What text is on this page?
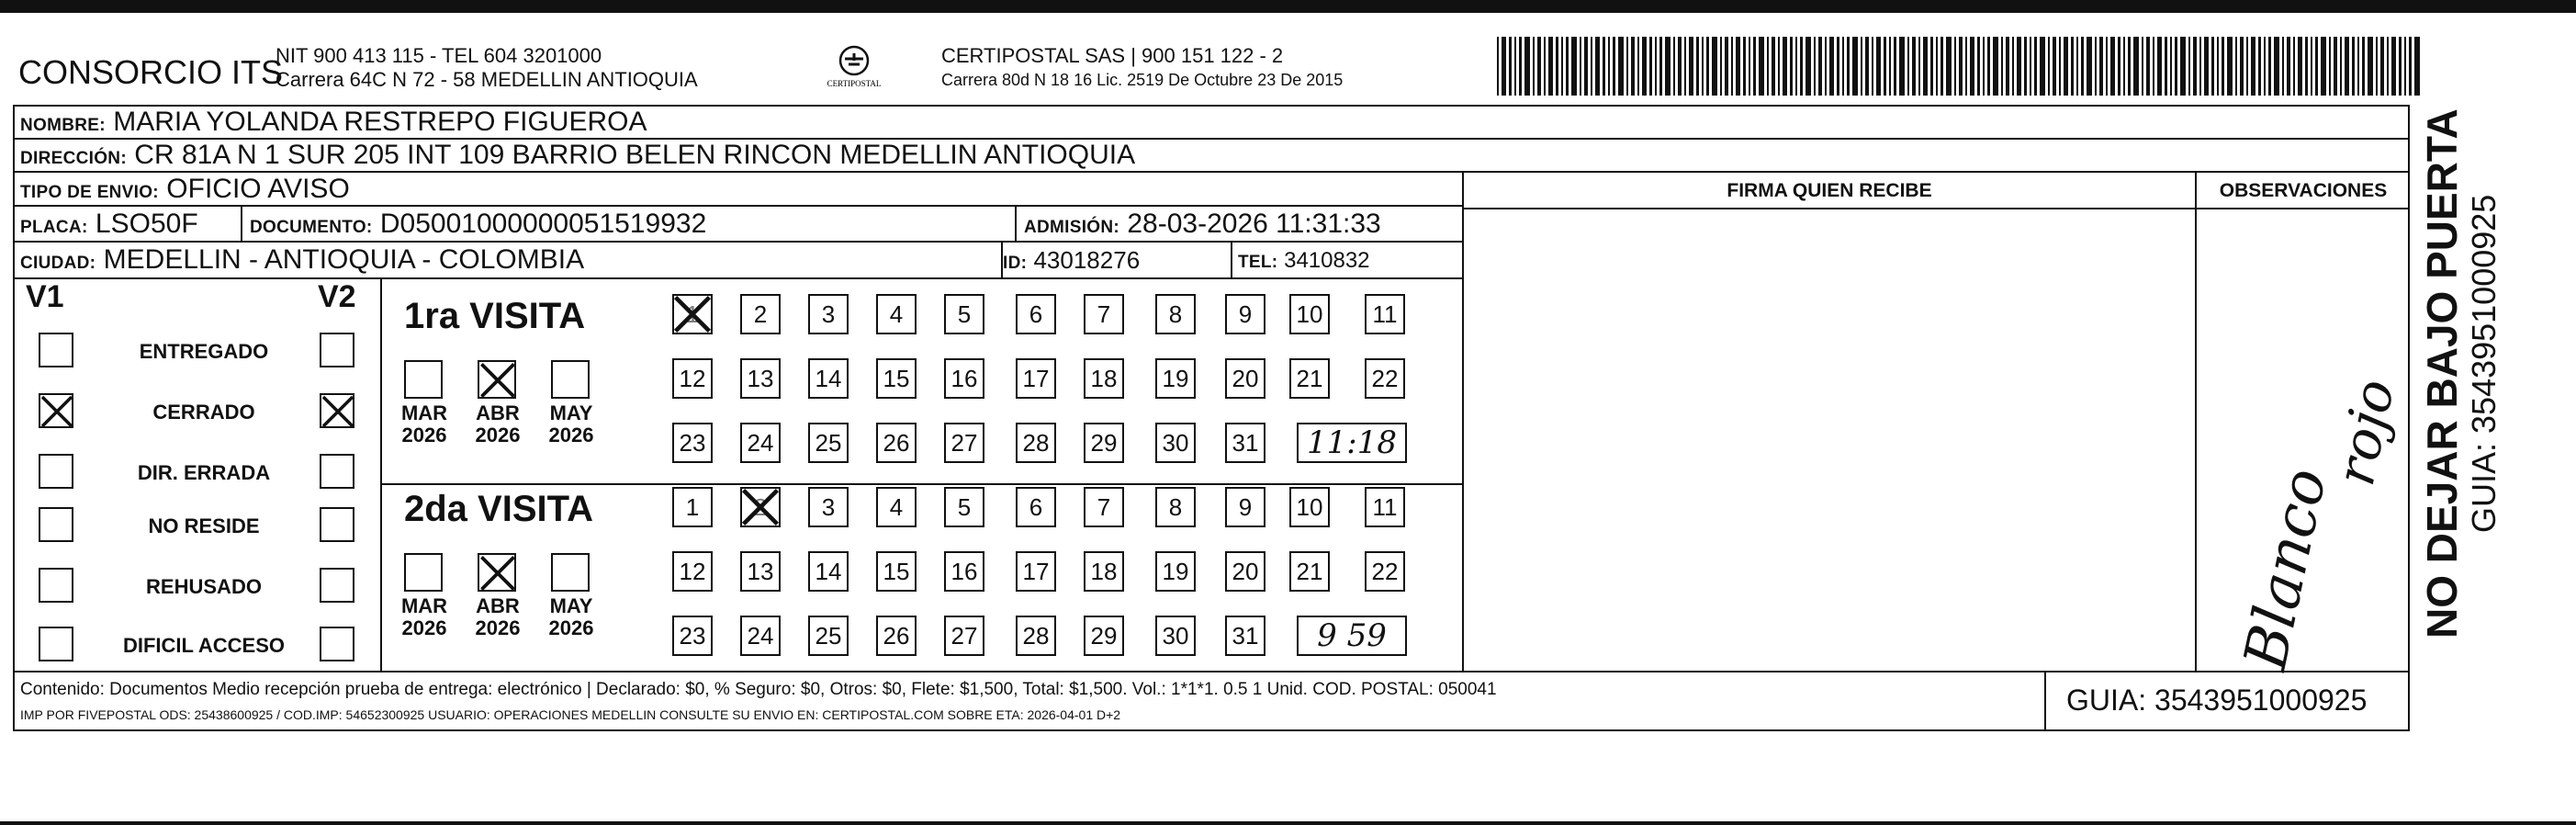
CONSORCIO ITS
NIT 900 413 115 - TEL 604 3201000
Carrera 64C N 72 - 58 MEDELLIN ANTIOQUIA	CERTIPOSTAL
CERTIPOSTAL SAS | 900 151 122 - 2
Carrera 80d N 18 16 Lic. 2519 De Octubre 23 De 2015
NOMBRE: MARIA YOLANDA RESTREPO FIGUEROA
DIRECCIÓN: CR 81A N 1 SUR 205 INT 109 BARRIO BELEN RINCON MEDELLIN ANTIOQUIA
TIPO DE ENVIO: OFICIO AVISO	FIRMA QUIEN RECIBE	OBSERVACIONES
PLACA: LSO50F	DOCUMENTO: D05001000000051519932	ADMISIÓN: 28-03-2026 11:31:33
CIUDAD: MEDELLIN - ANTIOQUIA - COLOMBIA	ID: 43018276	TEL: 3410832
V1	V2
ENTREGADO
CERRADO
DIR. ERRADA
NO RESIDE
REHUSADO
DIFICIL ACCESO
1ra VISITA
2da VISITA
MAR
2026
ABR
2026
MAY
2026
1	2	3	4	5	6	7	8	9	10	11
12 13 14 15 16 17 18 19 20 21 22
23 24 25 26 27 28 29 30 31	11:18
MAR
2026
ABR
2026
MAY
2026
1	2	3	4	5	6	7	8	9	10	11
12 13 14 15 16 17 18 19 20 21 22
23 24 25 26 27 28 29 30 31	9 59	Blanco
rojo
Contenido: Documentos Medio recepción prueba de entrega: electrónico | Declarado: $0, % Seguro: $0, Otros: $0, Flete: $1,500, Total: $1,500. Vol.: 1*1*1. 0.5 1 Unid. COD. POSTAL: 050041
IMP POR FIVEPOSTAL ODS: 25438600925 / COD.IMP: 54652300925 USUARIO: OPERACIONES MEDELLIN CONSULTE SU ENVIO EN: CERTIPOSTAL.COM SOBRE ETA: 2026-04-01 D+2	GUIA: 3543951000925
NO DEJAR BAJO PUERTA GUIA: 3543951000925
